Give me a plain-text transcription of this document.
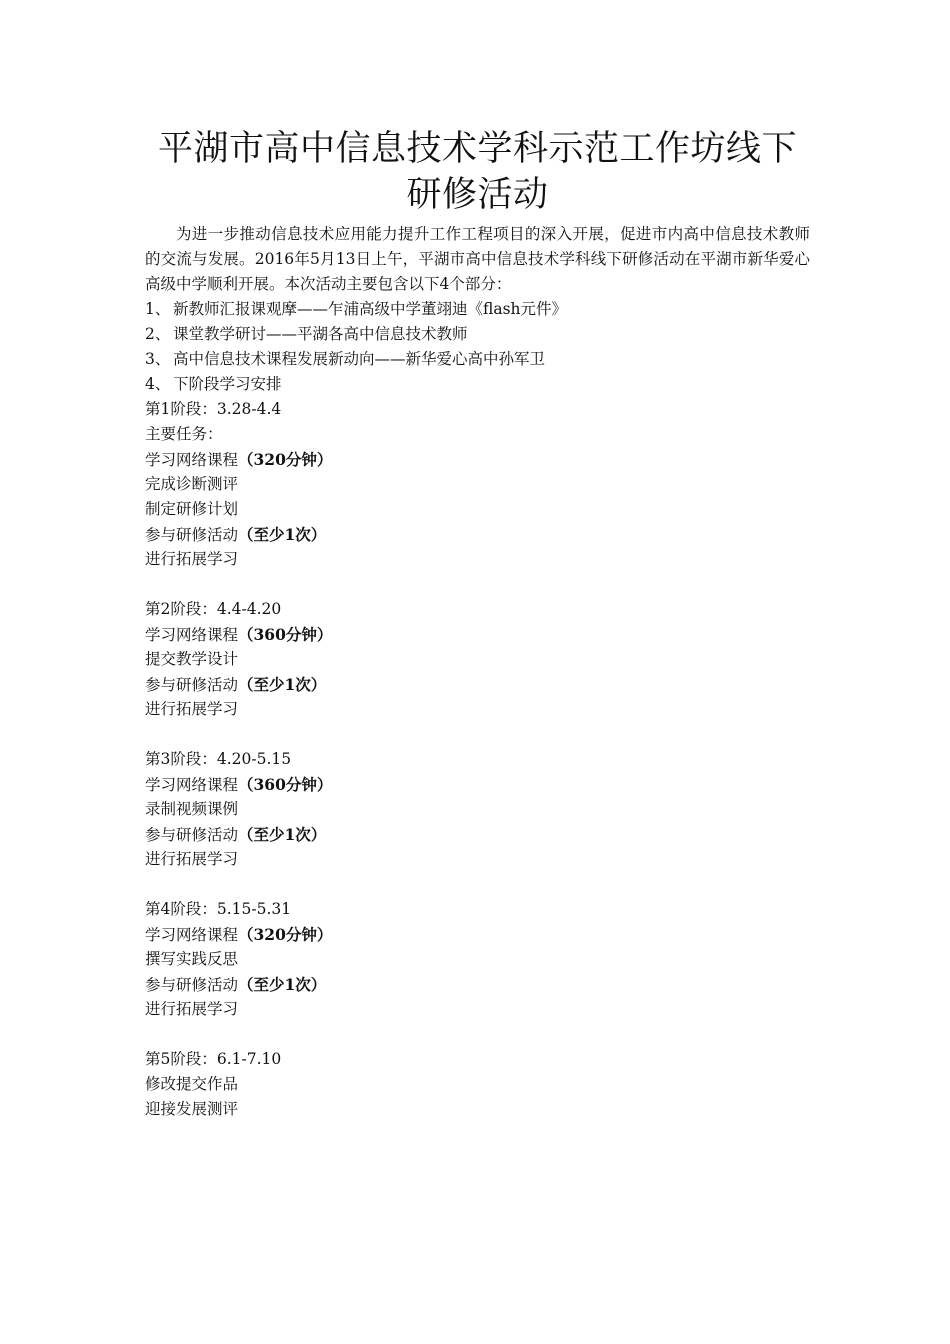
平湖市高中信息技术学科示范工作坊线下
研修活动

为进一步推动信息技术应用能力提升工作工程项目的深入开展，促进市内高中信息技术教师的交流与发展。2016年5月13日上午，平湖市高中信息技术学科线下研修活动在平湖市新华爱心高级中学顺利开展。本次活动主要包含以下4个部分：

1、 新教师汇报课观摩——乍浦高级中学董翊迪《flash元件》
2、 课堂教学研讨——平湖各高中信息技术教师
3、 高中信息技术课程发展新动向——新华爱心高中孙军卫
4、 下阶段学习安排
第1阶段：3.28-4.4
主要任务：
学习网络课程（320分钟）
完成诊断测评
制定研修计划
参与研修活动（至少1次）
进行拓展学习
第2阶段：4.4-4.20
学习网络课程（360分钟）
提交教学设计
参与研修活动（至少1次）
进行拓展学习
第3阶段：4.20-5.15
学习网络课程（360分钟）
录制视频课例
参与研修活动（至少1次）
进行拓展学习
第4阶段：5.15-5.31
学习网络课程（320分钟）
撰写实践反思
参与研修活动（至少1次）
进行拓展学习
第5阶段：6.1-7.10
修改提交作品
迎接发展测评
